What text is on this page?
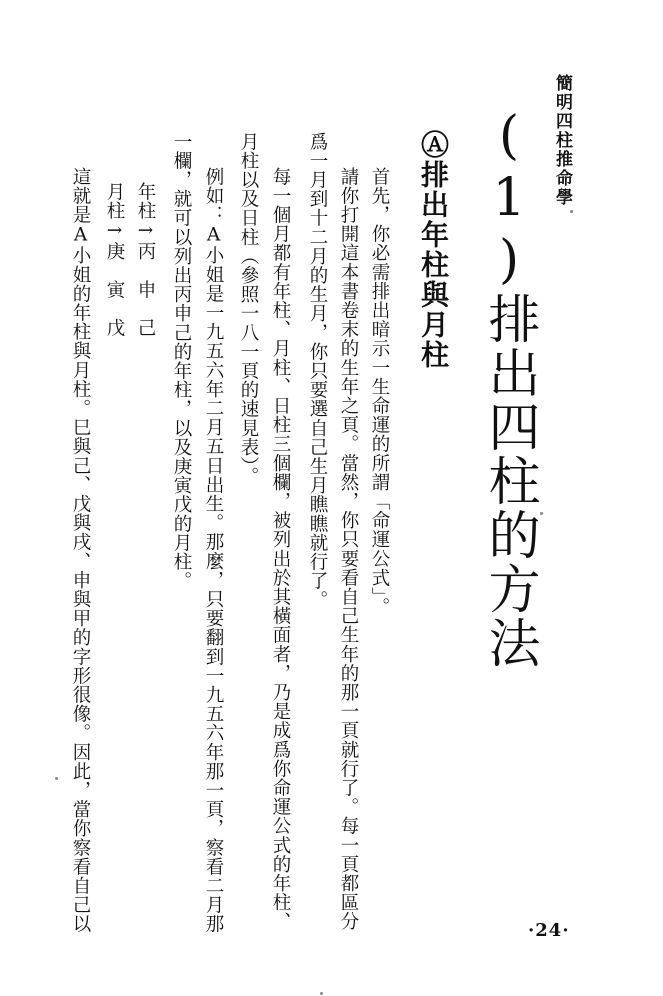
簡明四柱推命學
(1)排出四柱的方法
Ⓐ排出年柱與月柱
首先，你必需排出暗示一生命運的所謂「命運公式」。
請你打開這本書卷末的生年之頁。當然，你只要看自己生年的那一頁就行了。每一頁都區分
爲一月到十二月的生月，你只要選自己生月瞧瞧就行了。
每一個月都有年柱、月柱、日柱三個欄，被列出於其橫面者，乃是成爲你命運公式的年柱、
月柱以及日柱（參照一八一頁的速見表）。
例如：A小姐是一九五六年二月五日出生。那麼，只要翻到一九五六年那一頁，察看二月那
一欄，就可以列出丙申己的年柱，以及庚寅戊的月柱。
年柱→丙　申　己
月柱→庚　寅　戊
這就是A小姐的年柱與月柱。巳與己、戊與戌、申與甲的字形很像。因此，當你察看自己以	·24·
